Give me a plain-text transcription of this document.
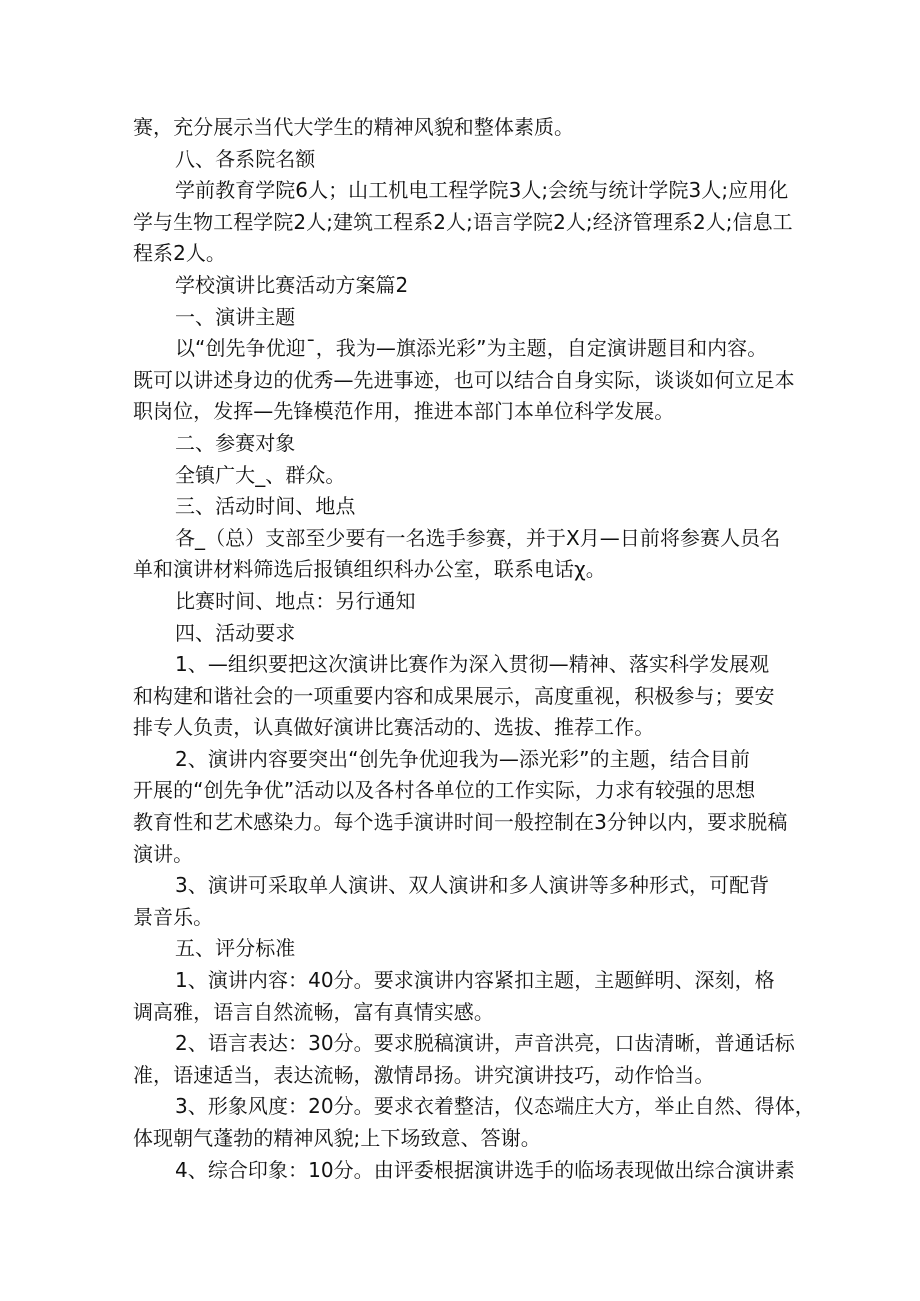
赛，充分展示当代大学生的精神风貌和整体素质。
八、各系院名额
学前教育学院6人；山工机电工程学院3人;会统与统计学院3人;应用化
学与生物工程学院2人;建筑工程系2人;语言学院2人;经济管理系2人;信息工
程系2人。
学校演讲比赛活动方案篇2
一、演讲主题
以“创先争优迎¯，我为—旗添光彩”为主题，自定演讲题目和内容。
既可以讲述身边的优秀—先进事迹，也可以结合自身实际，谈谈如何立足本
职岗位，发挥—先锋模范作用，推进本部门本单位科学发展。
二、参赛对象
全镇广大_、群众。
三、活动时间、地点
各_（总）支部至少要有一名选手参赛，并于X月—日前将参赛人员名
单和演讲材料筛选后报镇组织科办公室，联系电话χ。
比赛时间、地点：另行通知
四、活动要求
1、—组织要把这次演讲比赛作为深入贯彻—精神、落实科学发展观
和构建和谐社会的一项重要内容和成果展示，高度重视，积极参与；要安
排专人负责，认真做好演讲比赛活动的、选拔、推荐工作。
2、演讲内容要突出“创先争优迎我为—添光彩”的主题，结合目前
开展的“创先争优”活动以及各村各单位的工作实际，力求有较强的思想
教育性和艺术感染力。每个选手演讲时间一般控制在3分钟以内，要求脱稿
演讲。
3、演讲可采取单人演讲、双人演讲和多人演讲等多种形式，可配背
景音乐。
五、评分标准
1、演讲内容：40分。要求演讲内容紧扣主题，主题鲜明、深刻，格
调高雅，语言自然流畅，富有真情实感。
2、语言表达：30分。要求脱稿演讲，声音洪亮，口齿清晰，普通话标
准，语速适当，表达流畅，激情昂扬。讲究演讲技巧，动作恰当。
3、形象风度：20分。要求衣着整洁，仪态端庄大方，举止自然、得体，
体现朝气蓬勃的精神风貌;上下场致意、答谢。
4、综合印象：10分。由评委根据演讲选手的临场表现做出综合演讲素
